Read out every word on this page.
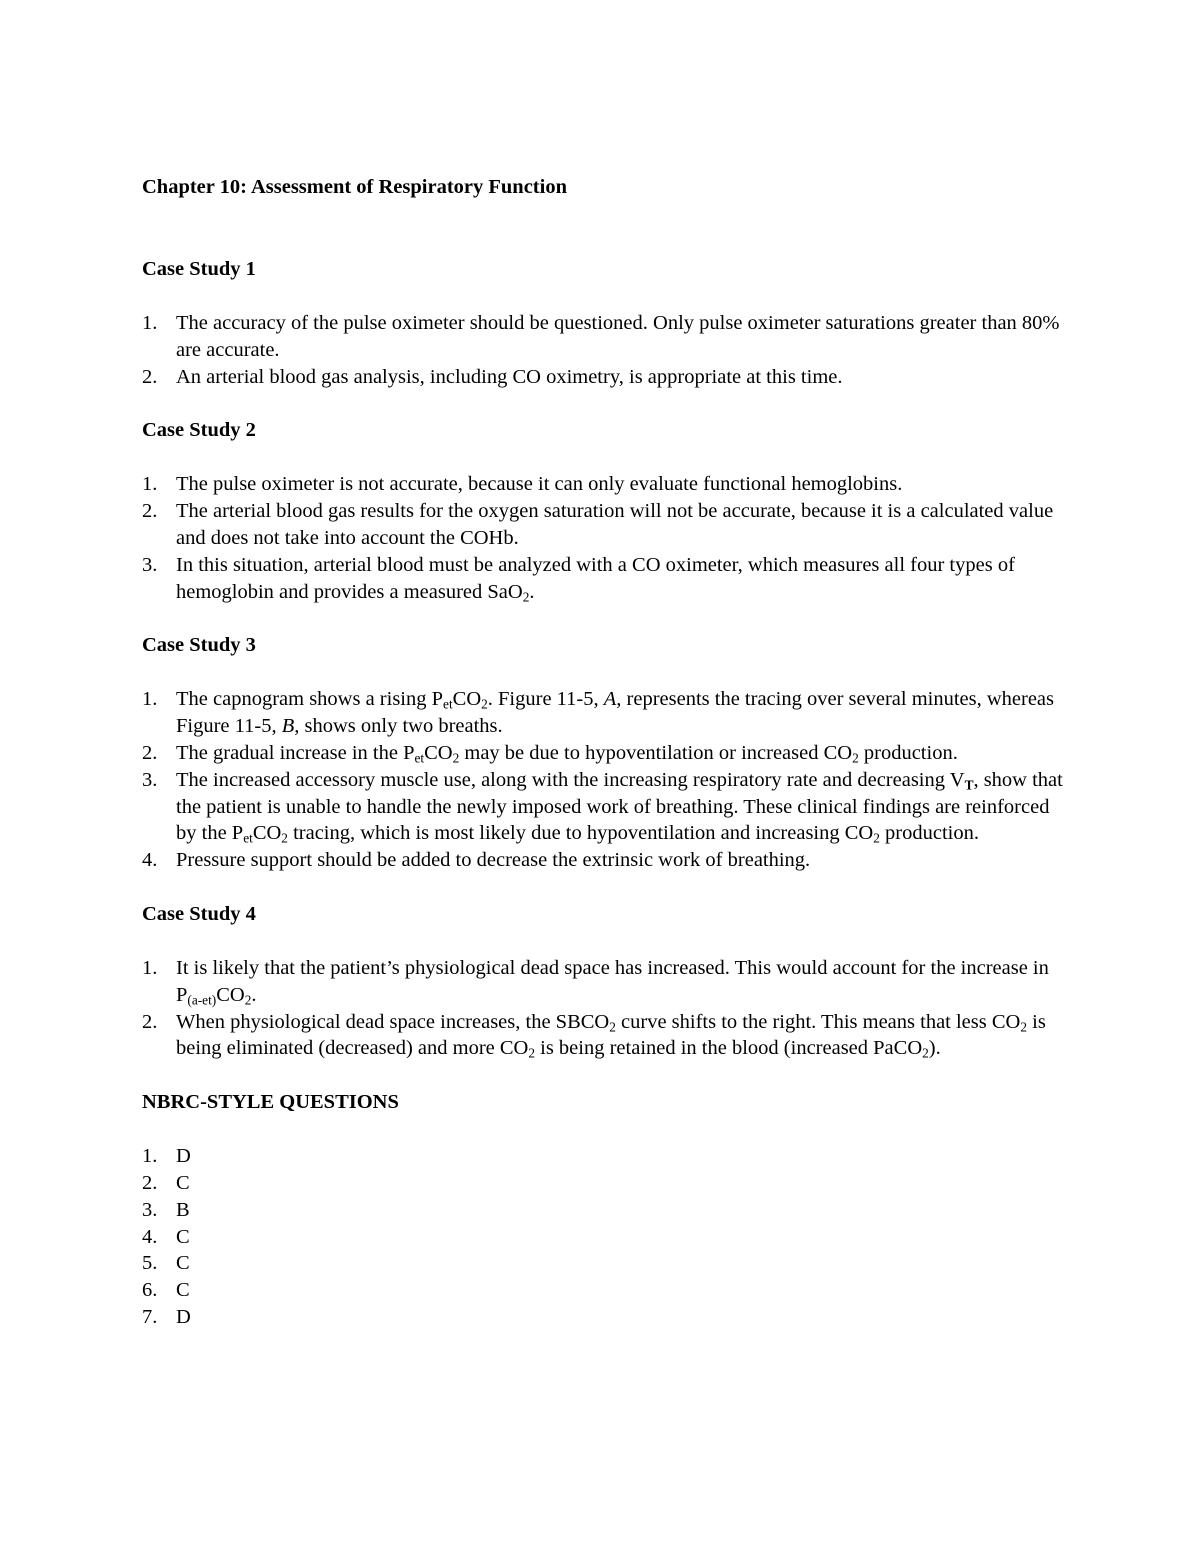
Chapter 10: Assessment of Respiratory Function
Case Study 1
1. The accuracy of the pulse oximeter should be questioned. Only pulse oximeter saturations greater than 80% are accurate.
2. An arterial blood gas analysis, including CO oximetry, is appropriate at this time.
Case Study 2
1. The pulse oximeter is not accurate, because it can only evaluate functional hemoglobins.
2. The arterial blood gas results for the oxygen saturation will not be accurate, because it is a calculated value and does not take into account the COHb.
3. In this situation, arterial blood must be analyzed with a CO oximeter, which measures all four types of hemoglobin and provides a measured SaO$_2$.
Case Study 3
1. The capnogram shows a rising $P_{et}CO_2$. Figure 11-5, A, represents the tracing over several minutes, whereas Figure 11-5, B, shows only two breaths.
2. The gradual increase in the $P_{et}CO_2$ may be due to hypoventilation or increased $CO_2$ production.
3. The increased accessory muscle use, along with the increasing respiratory rate and decreasing $V_T$, show that the patient is unable to handle the newly imposed work of breathing. These clinical findings are reinforced by the $P_{et}CO_2$ tracing, which is most likely due to hypoventilation and increasing $CO_2$ production.
4. Pressure support should be added to decrease the extrinsic work of breathing.
Case Study 4
1. It is likely that the patient’s physiological dead space has increased. This would account for the increase in $P_{(a-et)}CO_2$.
2. When physiological dead space increases, the $SBCO_2$ curve shifts to the right. This means that less $CO_2$ is being eliminated (decreased) and more $CO_2$ is being retained in the blood (increased PaCO$_2$).
NBRC-STYLE QUESTIONS
1. D
2. C
3. B
4. C
5. C
6. C
7. D
